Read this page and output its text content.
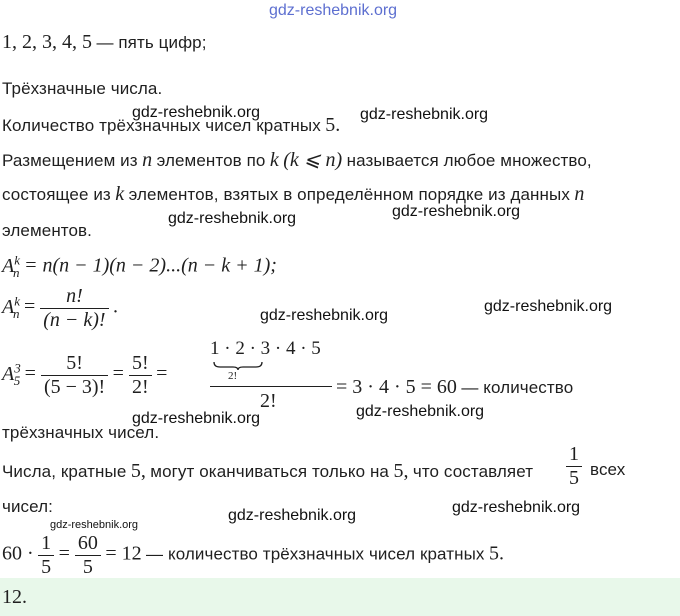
gdz-reshebnik.org
gdz-reshebnik.org	gdz-reshebnik.org
gdz-reshebnik.org	gdz-reshebnik.org
gdz-reshebnik.org
gdz-reshebnik.org
gdz-reshebnik.org	gdz-reshebnik.org
gdz-reshebnik.org	gdz-reshebnik.org
gdz-reshebnik.org
1, 2, 3, 4, 5 — пять цифр;
Трёхзначные числа.
Количество трёхзначных чисел кратных 5.
Размещением из n элементов по k (k ⩽ n) называется любое множество,
состоящее из k элементов, взятых в определённом порядке из данных n
элементов.
$A^k_n = n(n - 1)(n - 2)...(n - k + 1)$;
$A^k_n = \frac{n!}{(n - k)!}$ .
$A^3_5 = \frac{5!}{(5 - 3)!} = \frac{5!}{2!}$ =
1 · 2 · 3 · 4 · 5
2!
2!
= 3 · 4 · 5 = 60 — количество
трёхзначных чисел.
Числа, кратные 5, могут оканчиваться только на 5, что составляет $\frac{1}{5}$ всех
чисел:
$60 \cdot \frac{1}{5} = \frac{60}{5} = 12$ — количество трёхзначных чисел кратных 5.
12.
